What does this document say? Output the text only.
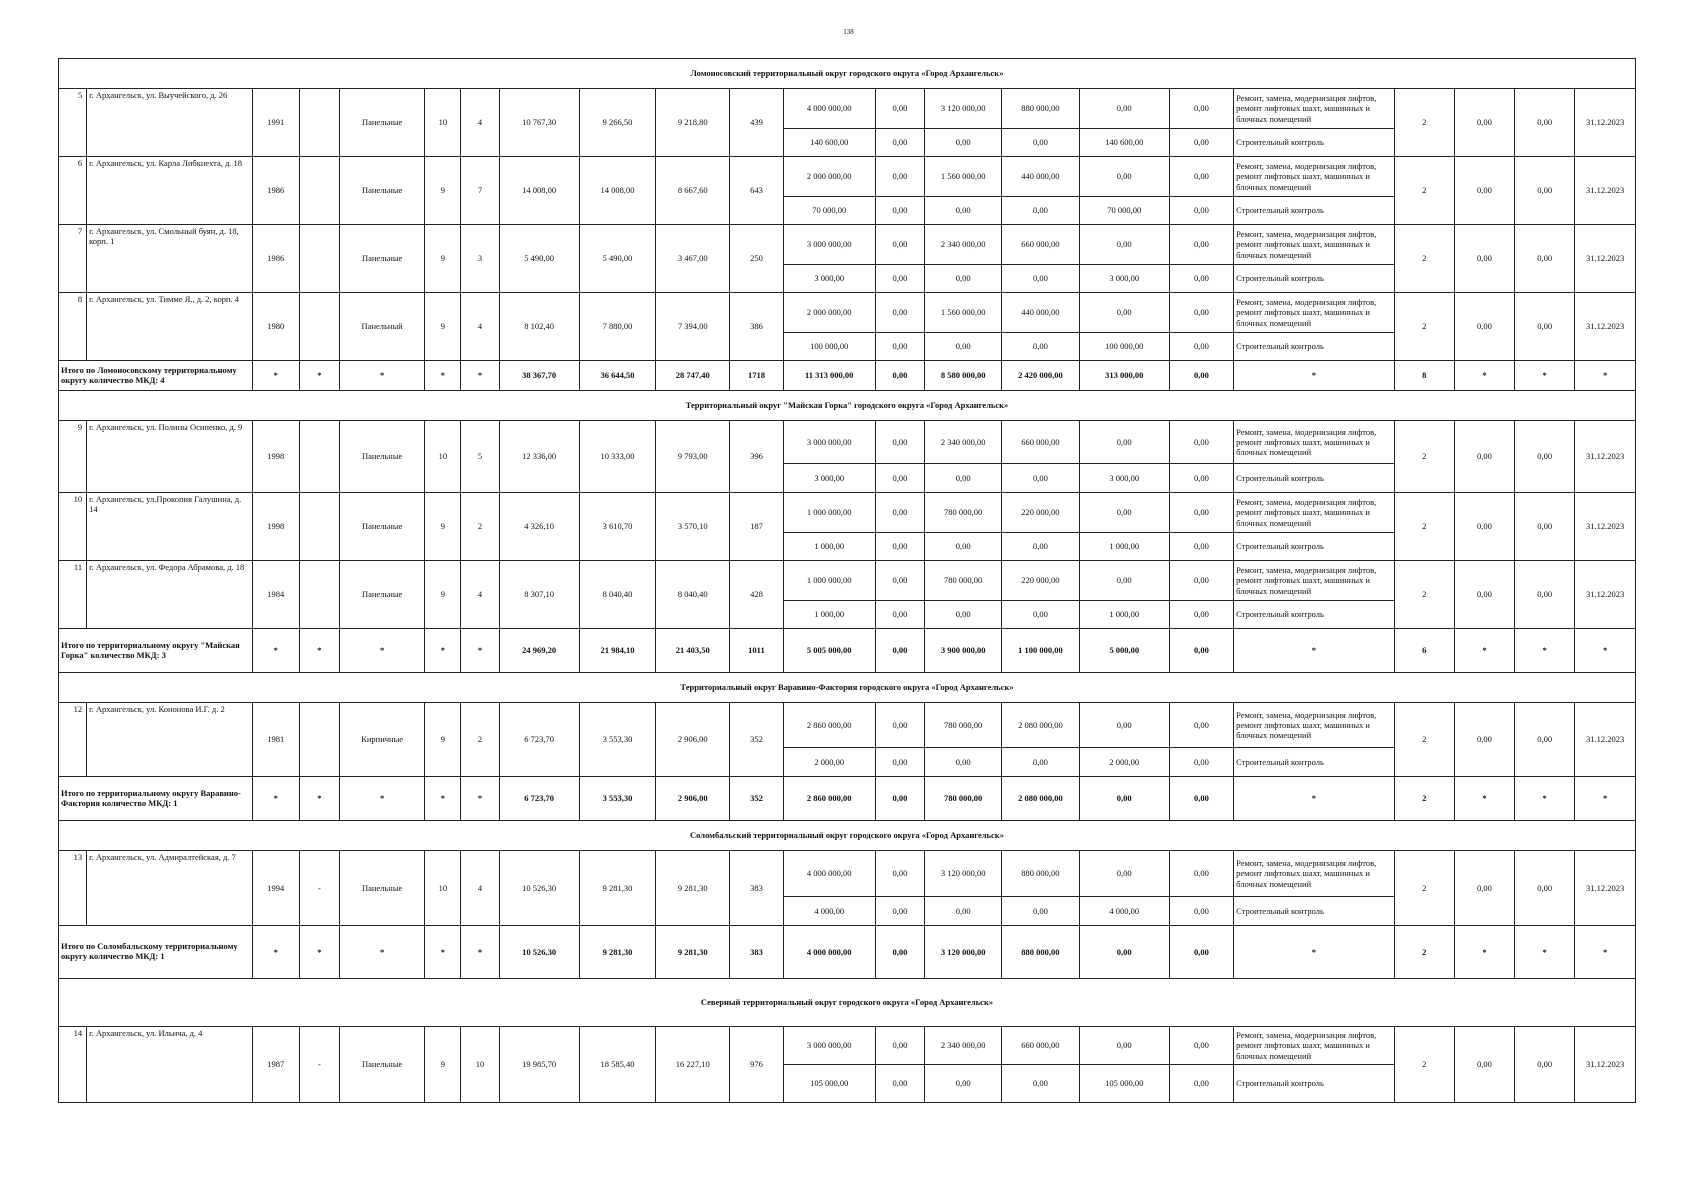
138
Ломоносовский территориальный округ городского округа «Город Архангельск»																					
5	г. Архангельск, ул. Выучейского, д. 26	1991		Панельные	10	4	10 767,30	9 266,50	9 218,80	439	4 000 000,00	0,00	3 120 000,00	880 000,00	0,00	0,00	Ремонт, замена, модернизация лифтов, ремонт лифтовых шахт, машинных и блочных помещений	2	0,00	0,00	31.12.2023
											140 600,00	0,00	0,00	0,00	140 600,00	0,00	Строительный контроль				
6	г. Архангельск, ул. Карла Либкнехта, д. 18	1986		Панельные	9	7	14 008,00	14 008,00	8 667,60	643	2 000 000,00	0,00	1 560 000,00	440 000,00	0,00	0,00	Ремонт, замена, модернизация лифтов, ремонт лифтовых шахт, машинных и блочных помещений	2	0,00	0,00	31.12.2023
											70 000,00	0,00	0,00	0,00	70 000,00	0,00	Строительный контроль				
7	г. Архангельск, ул. Смольный буян, д. 18, корп. 1	1986		Панельные	9	3	5 490,00	5 490,00	3 467,00	250	3 000 000,00	0,00	2 340 000,00	660 000,00	0,00	0,00	Ремонт, замена, модернизация лифтов, ремонт лифтовых шахт, машинных и блочных помещений	2	0,00	0,00	31.12.2023
											3 000,00	0,00	0,00	0,00	3 000,00	0,00	Строительный контроль				
8	г. Архангельск, ул. Тимме Я., д. 2, корп. 4	1980		Панельный	9	4	8 102,40	7 880,00	7 394,00	386	2 000 000,00	0,00	1 560 000,00	440 000,00	0,00	0,00	Ремонт, замена, модернизация лифтов, ремонт лифтовых шахт, машинных и блочных помещений	2	0,00	0,00	31.12.2023
											100 000,00	0,00	0,00	0,00	100 000,00	0,00	Строительный контроль				
Итого по Ломоносовскому территориальному округу количество МКД: 4		*	*	*	*	*	38 367,70	36 644,50	28 747,40	1718	11 313 000,00	0,00	8 580 000,00	2 420 000,00	313 000,00	0,00	*	8	*	*	*
Территориальный округ "Майская Горка" городского округа «Город Архангельск»																					
9	г. Архангельск, ул. Полины Осипенко, д. 9	1998		Панельные	10	5	12 336,00	10 333,00	9 793,00	396	3 000 000,00	0,00	2 340 000,00	660 000,00	0,00	0,00	Ремонт, замена, модернизация лифтов, ремонт лифтовых шахт, машинных и блочных помещений	2	0,00	0,00	31.12.2023
											3 000,00	0,00	0,00	0,00	3 000,00	0,00	Строительный контроль				
10	г. Архангельск, ул.Прокопия Галушина, д. 14	1998		Панельные	9	2	4 326,10	3 610,70	3 570,10	187	1 000 000,00	0,00	780 000,00	220 000,00	0,00	0,00	Ремонт, замена, модернизация лифтов, ремонт лифтовых шахт, машинных и блочных помещений	2	0,00	0,00	31.12.2023
											1 000,00	0,00	0,00	0,00	1 000,00	0,00	Строительный контроль				
11	г. Архангельск, ул. Федора Абрамова, д. 18	1984		Панельные	9	4	8 307,10	8 040,40	8 040,40	428	1 000 000,00	0,00	780 000,00	220 000,00	0,00	0,00	Ремонт, замена, модернизация лифтов, ремонт лифтовых шахт, машинных и блочных помещений	2	0,00	0,00	31.12.2023
											1 000,00	0,00	0,00	0,00	1 000,00	0,00	Строительный контроль				
Итого по территориальному округу "Майская Горка" количество МКД: 3		*	*	*	*	*	24 969,20	21 984,10	21 403,50	1011	5 005 000,00	0,00	3 900 000,00	1 100 000,00	5 000,00	0,00	*	6	*	*	*
Территориальный округ Варавино-Фактория городского округа «Город Архангельск»																					
12	г. Архангельск, ул. Кононова И.Г. д. 2	1981		Кирпичные	9	2	6 723,70	3 553,30	2 906,00	352	2 860 000,00	0,00	780 000,00	2 080 000,00	0,00	0,00	Ремонт, замена, модернизация лифтов, ремонт лифтовых шахт, машинных и блочных помещений	2	0,00	0,00	31.12.2023
											2 000,00	0,00	0,00	0,00	2 000,00	0,00	Строительный контроль				
Итого по территориальному округу Варавино-Фактория количество МКД: 1		*	*	*	*	*	6 723,70	3 553,30	2 906,00	352	2 860 000,00	0,00	780 000,00	2 080 000,00	0,00	0,00	*	2	*	*	*
Соломбальский территориальный округ городского округа «Город Архангельск»																					
13	г. Архангельск, ул. Адмиралтейская, д. 7	1994	-	Панельные	10	4	10 526,30	9 281,30	9 281,30	383	4 000 000,00	0,00	3 120 000,00	880 000,00	0,00	0,00	Ремонт, замена, модернизация лифтов, ремонт лифтовых шахт, машинных и блочных помещений	2	0,00	0,00	31.12.2023
											4 000,00	0,00	0,00	0,00	4 000,00	0,00	Строительный контроль				
Итого по Соломбальскому территориальному округу количество МКД: 1		*	*	*	*	*	10 526,30	9 281,30	9 281,30	383	4 000 000,00	0,00	3 120 000,00	880 000,00	0,00	0,00	*	2	*	*	*
Северный территориальный округ городского округа «Город Архангельск»																					
14	г. Архангельск, ул. Ильича, д. 4	1987	-	Панельные	9	10	19 985,70	18 585,40	16 227,10	976	3 000 000,00	0,00	2 340 000,00	660 000,00	0,00	0,00	Ремонт, замена, модернизация лифтов, ремонт лифтовых шахт, машинных и блочных помещений	2	0,00	0,00	31.12.2023
											105 000,00	0,00	0,00	0,00	105 000,00	0,00	Строительный контроль				
